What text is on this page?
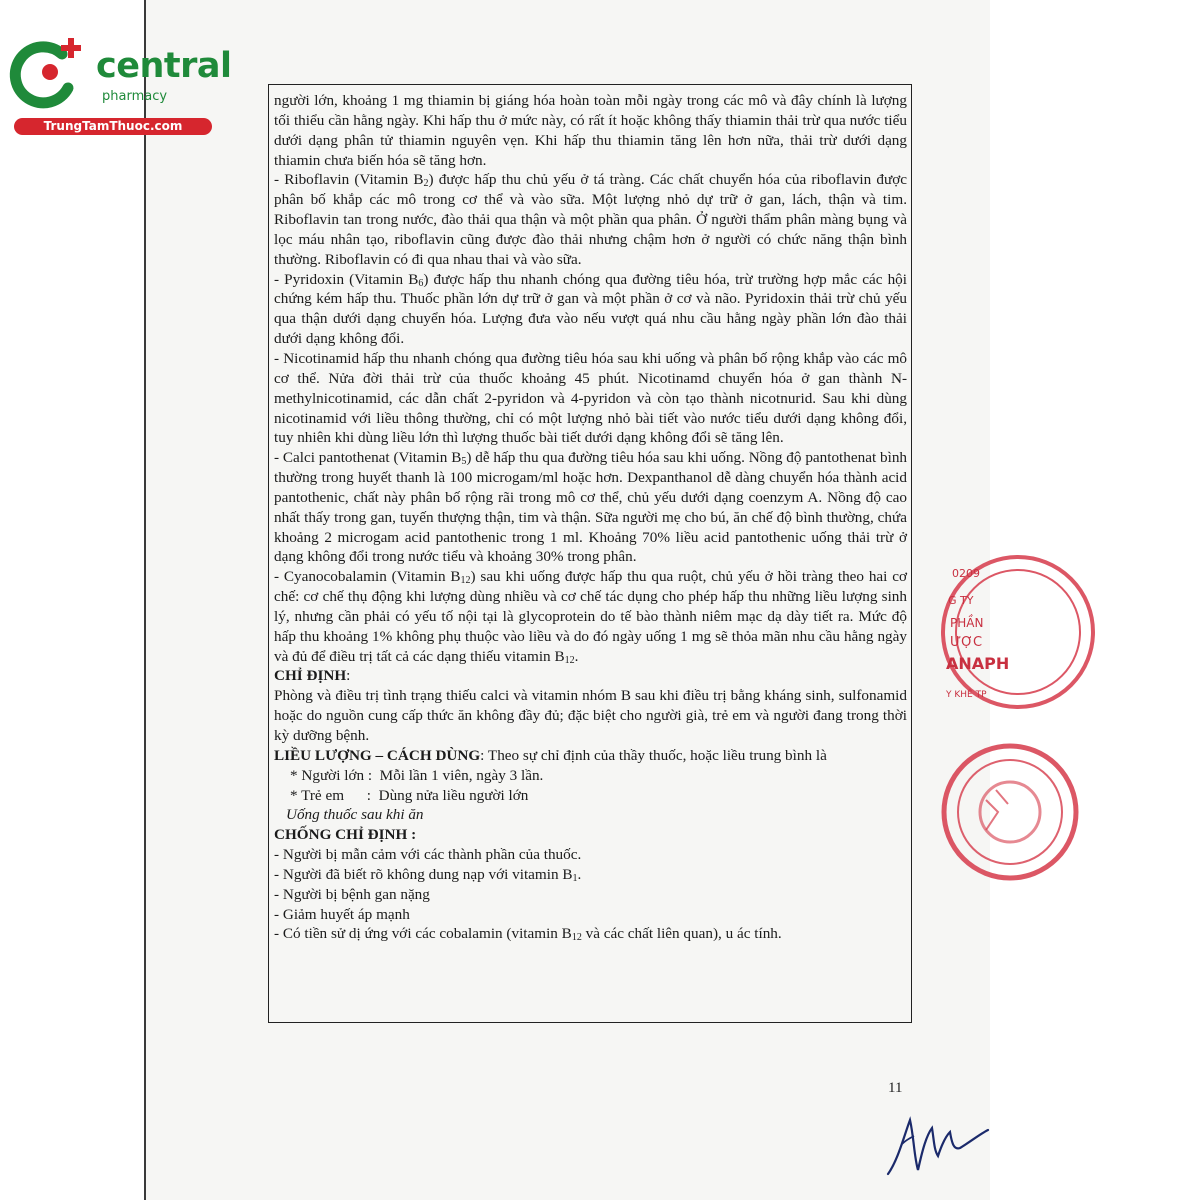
central
pharmacy
TrungTamThuoc.com

người lớn, khoảng 1 mg thiamin bị giáng hóa hoàn toàn mỗi ngày trong các mô và đây chính là lượng tối thiểu cần hằng ngày. Khi hấp thu ở mức này, có rất ít hoặc không thấy thiamin thải trừ qua nước tiểu dưới dạng phân tử thiamin nguyên vẹn. Khi hấp thu thiamin tăng lên hơn nữa, thải trừ dưới dạng thiamin chưa biến hóa sẽ tăng hơn.

- Riboflavin (Vitamin $B_2$) được hấp thu chủ yếu ở tá tràng. Các chất chuyển hóa của riboflavin được phân bố khắp các mô trong cơ thể và vào sữa. Một lượng nhỏ dự trữ ở gan, lách, thận và tim. Riboflavin tan trong nước, đào thải qua thận và một phần qua phân. Ở người thẩm phân màng bụng và lọc máu nhân tạo, riboflavin cũng được đào thải nhưng chậm hơn ở người có chức năng thận bình thường. Riboflavin có đi qua nhau thai và vào sữa.

- Pyridoxin (Vitamin $B_6$) được hấp thu nhanh chóng qua đường tiêu hóa, trừ trường hợp mắc các hội chứng kém hấp thu. Thuốc phần lớn dự trữ ở gan và một phần ở cơ và não. Pyridoxin thải trừ chủ yếu qua thận dưới dạng chuyển hóa. Lượng đưa vào nếu vượt quá nhu cầu hằng ngày phần lớn đào thải dưới dạng không đổi.

- Nicotinamid hấp thu nhanh chóng qua đường tiêu hóa sau khi uống và phân bố rộng khắp vào các mô cơ thể. Nửa đời thải trừ của thuốc khoảng 45 phút. Nicotinamd chuyển hóa ở gan thành N-methylnicotinamid, các dẫn chất 2-pyridon và 4-pyridon và còn tạo thành nicotnurid. Sau khi dùng nicotinamid với liều thông thường, chỉ có một lượng nhỏ bài tiết vào nước tiểu dưới dạng không đổi, tuy nhiên khi dùng liều lớn thì lượng thuốc bài tiết dưới dạng không đổi sẽ tăng lên.

- Calci pantothenat (Vitamin $B_5$) dễ hấp thu qua đường tiêu hóa sau khi uống. Nồng độ pantothenat bình thường trong huyết thanh là 100 microgam/ml hoặc hơn. Dexpanthanol dễ dàng chuyển hóa thành acid pantothenic, chất này phân bố rộng rãi trong mô cơ thể, chủ yếu dưới dạng coenzym A. Nồng độ cao nhất thấy trong gan, tuyến thượng thận, tim và thận. Sữa người mẹ cho bú, ăn chế độ bình thường, chứa khoảng 2 microgam acid pantothenic trong 1 ml. Khoảng 70% liều acid pantothenic uống thải trừ ở dạng không đổi trong nước tiểu và khoảng 30% trong phân.

- Cyanocobalamin (Vitamin $B_{12}$) sau khi uống được hấp thu qua ruột, chủ yếu ở hồi tràng theo hai cơ chế: cơ chế thụ động khi lượng dùng nhiều và cơ chế tác dụng cho phép hấp thu những liều lượng sinh lý, nhưng cần phải có yếu tố nội tại là glycoprotein do tế bào thành niêm mạc dạ dày tiết ra. Mức độ hấp thu khoảng 1% không phụ thuộc vào liều và do đó ngày uống 1 mg sẽ thỏa mãn nhu cầu hằng ngày và đủ để điều trị tất cả các dạng thiếu vitamin $B_{12}$.

CHỈ ĐỊNH:

Phòng và điều trị tình trạng thiếu calci và vitamin nhóm B sau khi điều trị bằng kháng sinh, sulfonamid hoặc do nguồn cung cấp thức ăn không đầy đủ; đặc biệt cho người già, trẻ em và người đang trong thời kỳ dưỡng bệnh.

LIỀU LƯỢNG – CÁCH DÙNG: Theo sự chỉ định của thầy thuốc, hoặc liều trung bình là

* Người lớn :  Mỗi lần 1 viên, ngày 3 lần.

* Trẻ em      :  Dùng nửa liều người lớn

Uống thuốc sau khi ăn

CHỐNG CHỈ ĐỊNH :

- Người bị mẫn cảm với các thành phần của thuốc.

- Người đã biết rõ không dung nạp với vitamin $B_1$.

- Người bị bệnh gan nặng

- Giảm huyết áp mạnh

- Có tiền sử dị ứng với các cobalamin (vitamin $B_{12}$ và các chất liên quan), u ác tính.

0209
G TY
PHẦN
ƯỢC
ANAPH
Y KHÊ TP
11
